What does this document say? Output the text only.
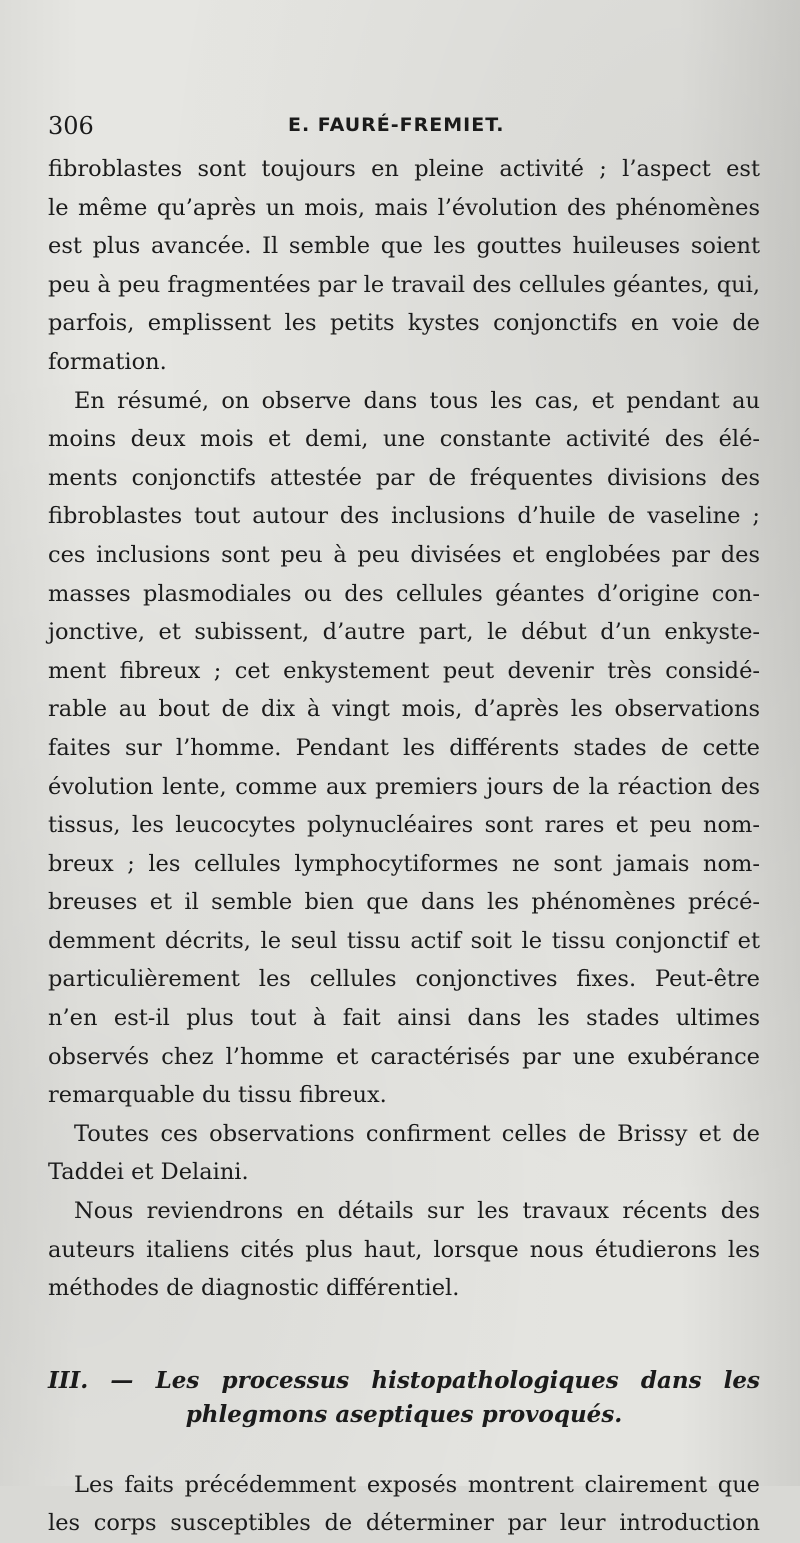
306	E. FAURÉ-FREMIET.
fibroblastes sont toujours en pleine activité ; l’aspect est
le même qu’après un mois, mais l’évolution des phénomènes
est plus avancée. Il semble que les gouttes huileuses soient
peu à peu fragmentées par le travail des cellules géantes, qui,
parfois, emplissent les petits kystes conjonctifs en voie de
formation.
En résumé, on observe dans tous les cas, et pendant au
moins deux mois et demi, une constante activité des élé-
ments conjonctifs attestée par de fréquentes divisions des
fibroblastes tout autour des inclusions d’huile de vaseline ;
ces inclusions sont peu à peu divisées et englobées par des
masses plasmodiales ou des cellules géantes d’origine con-
jonctive, et subissent, d’autre part, le début d’un enkyste-
ment fibreux ; cet enkystement peut devenir très considé-
rable au bout de dix à vingt mois, d’après les observations
faites sur l’homme. Pendant les différents stades de cette
évolution lente, comme aux premiers jours de la réaction des
tissus, les leucocytes polynucléaires sont rares et peu nom-
breux ; les cellules lymphocytiformes ne sont jamais nom-
breuses et il semble bien que dans les phénomènes précé-
demment décrits, le seul tissu actif soit le tissu conjonctif et
particulièrement les cellules conjonctives fixes. Peut-être
n’en est-il plus tout à fait ainsi dans les stades ultimes
observés chez l’homme et caractérisés par une exubérance
remarquable du tissu fibreux.
Toutes ces observations confirment celles de Brissy et de
Taddei et Delaini.
Nous reviendrons en détails sur les travaux récents des
auteurs italiens cités plus haut, lorsque nous étudierons les
méthodes de diagnostic différentiel.
III. — Les processus histopathologiques dans les
phlegmons aseptiques provoqués.
Les faits précédemment exposés montrent clairement que
les corps susceptibles de déterminer par leur introduction
